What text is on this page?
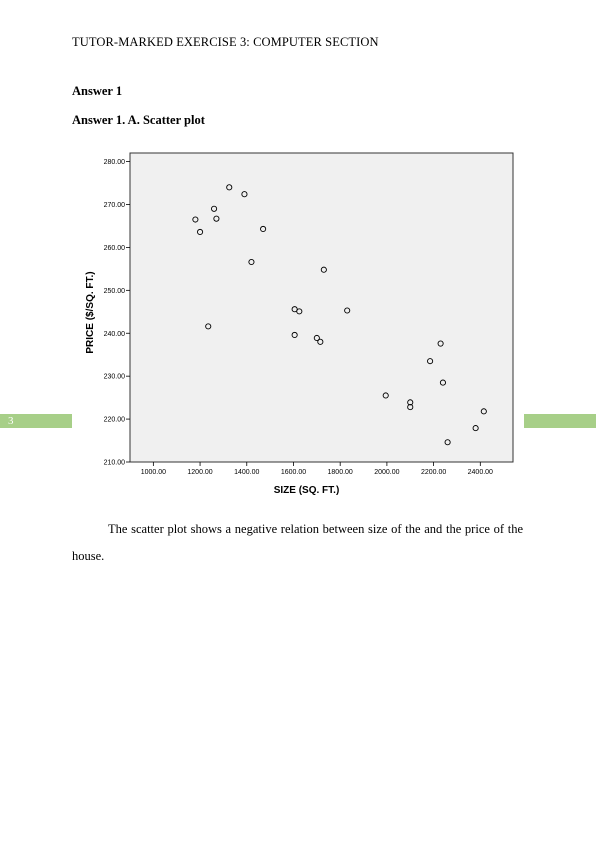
TUTOR-MARKED EXERCISE 3: COMPUTER SECTION
Answer 1
Answer 1. A. Scatter plot
3
210.00
220.00
230.00
240.00
250.00
260.00
270.00
280.00
1000.00	1200.00	1400.00	1600.00	1800.00	2000.00	2200.00	2400.00
SIZE (SQ. FT.)
PRICE ($/SQ. FT.)
The scatter plot shows a negative relation between size of the and the price of the house.
